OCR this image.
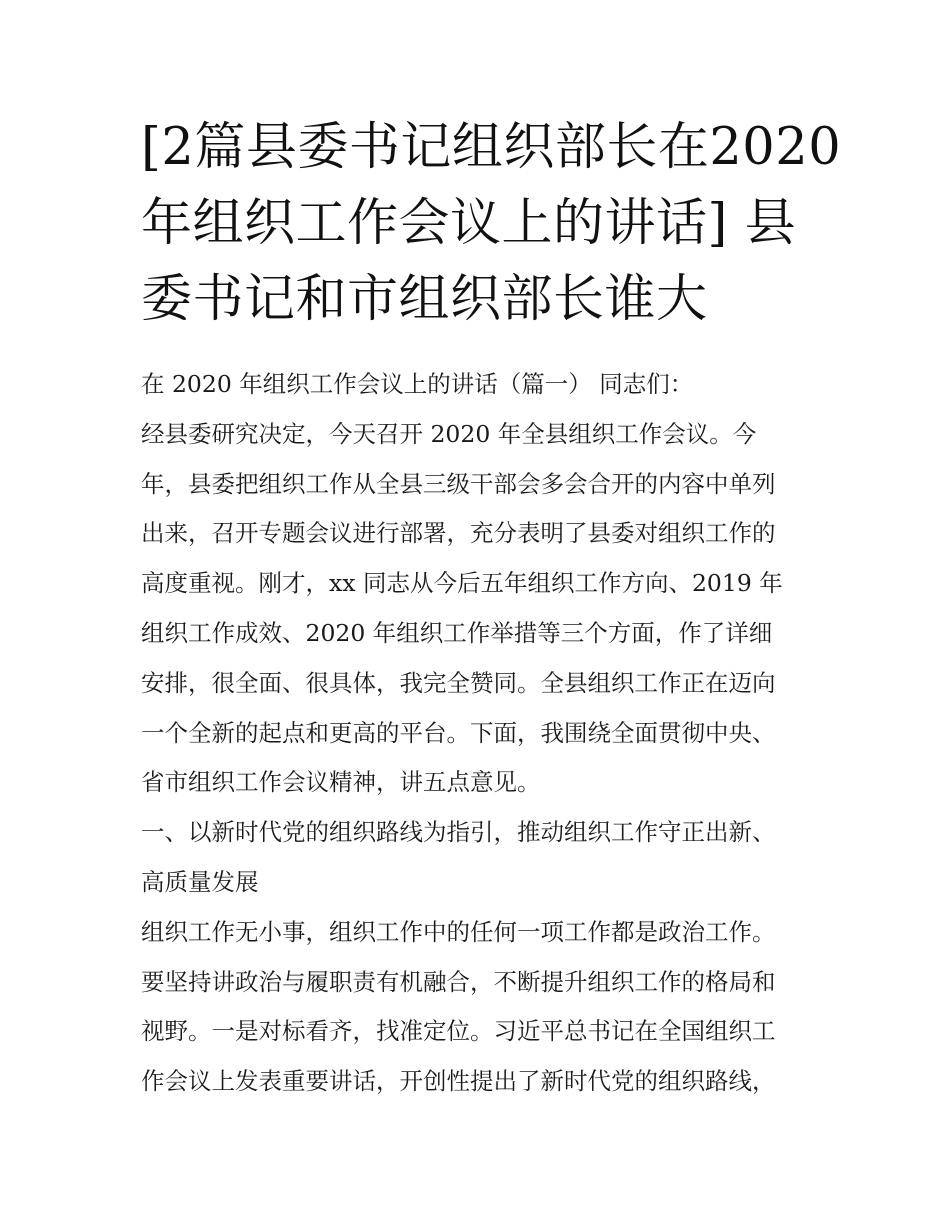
[2篇县委书记组织部长在2020
年组织工作会议上的讲话] 县
委书记和市组织部长谁大
在 2020 年组织工作会议上的讲话（篇一） 同志们：
经县委研究决定，今天召开 2020 年全县组织工作会议。今
年，县委把组织工作从全县三级干部会多会合开的内容中单列
出来，召开专题会议进行部署，充分表明了县委对组织工作的
高度重视。刚才，xx 同志从今后五年组织工作方向、2019 年
组织工作成效、2020 年组织工作举措等三个方面，作了详细
安排，很全面、很具体，我完全赞同。全县组织工作正在迈向
一个全新的起点和更高的平台。下面，我围绕全面贯彻中央、
省市组织工作会议精神，讲五点意见。
一、以新时代党的组织路线为指引，推动组织工作守正出新、
高质量发展
组织工作无小事，组织工作中的任何一项工作都是政治工作。
要坚持讲政治与履职责有机融合，不断提升组织工作的格局和
视野。一是对标看齐，找准定位。习近平总书记在全国组织工
作会议上发表重要讲话，开创性提出了新时代党的组织路线，
